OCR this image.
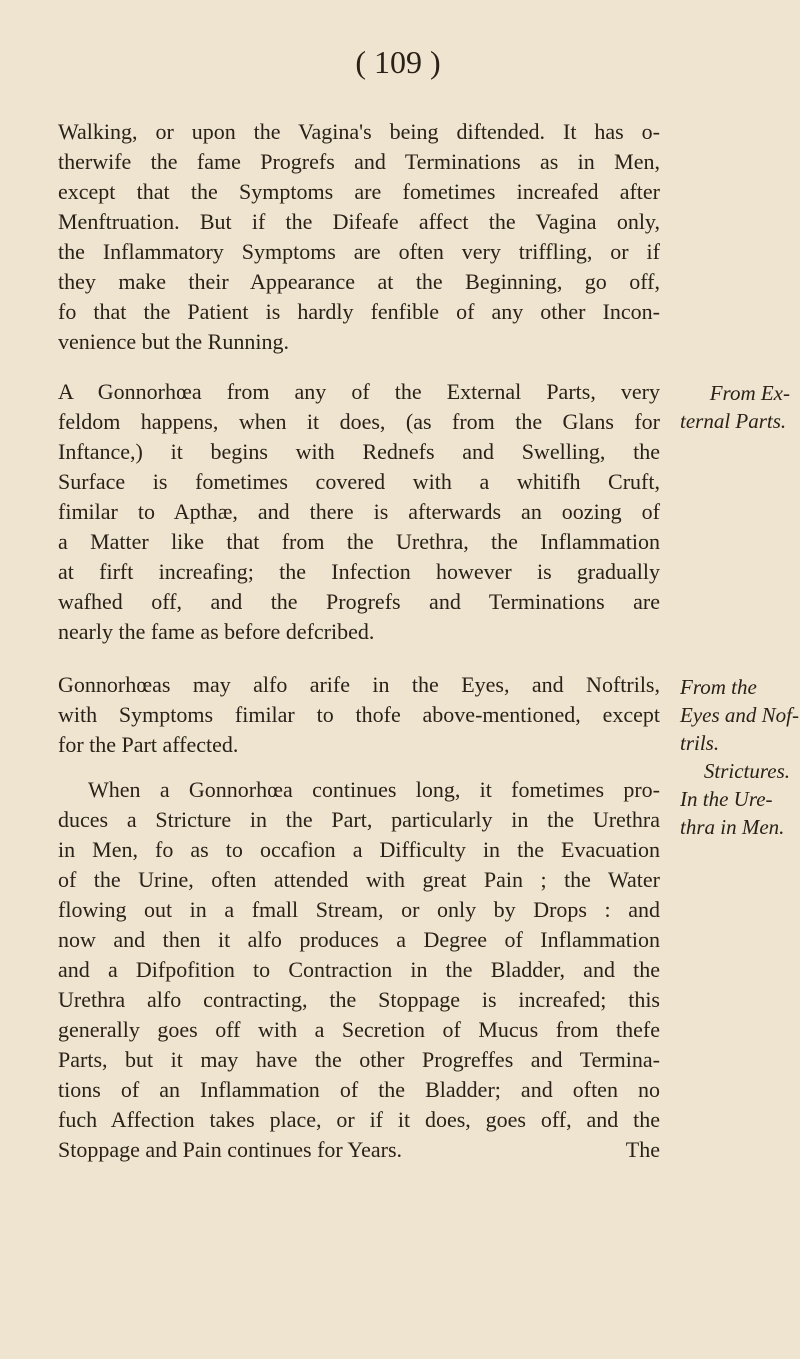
( 109 )
Walking, or upon the Vagina's being diftended. It has o-
therwife the fame Progrefs and Terminations as in Men,
except that the Symptoms are fometimes increafed after
Menftruation. But if the Difeafe affect the Vagina only,
the Inflammatory Symptoms are often very triffling, or if
they make their Appearance at the Beginning, go off,
fo that the Patient is hardly fenfible of any other Incon-
venience but the Running.
A Gonnorhœa from any of the External Parts, very
feldom happens, when it does, (as from the Glans for
Inftance,) it begins with Rednefs and Swelling, the
Surface is fometimes covered with a whitifh Cruft,
fimilar to Apthæ, and there is afterwards an oozing of
a Matter like that from the Urethra, the Inflammation
at firft increafing; the Infection however is gradually
wafhed off, and the Progrefs and Terminations are
nearly the fame as before defcribed.
Gonnorhœas may alfo arife in the Eyes, and Noftrils,
with Symptoms fimilar to thofe above-mentioned, except
for the Part affected.
When a Gonnorhœa continues long, it fometimes pro-
duces a Stricture in the Part, particularly in the Urethra
in Men, fo as to occafion a Difficulty in the Evacuation
of the Urine, often attended with great Pain ; the Water
flowing out in a fmall Stream, or only by Drops : and
now and then it alfo produces a Degree of Inflammation
and a Difpofition to Contraction in the Bladder, and the
Urethra alfo contracting, the Stoppage is increafed; this
generally goes off with a Secretion of Mucus from thefe
Parts, but it may have the other Progreffes and Termina-
tions of an Inflammation of the Bladder; and often no
fuch Affection takes place, or if it does, goes off, and the
Stoppage and Pain continues for Years.	The
From Ex-
ternal Parts.
From the
Eyes and Nof-
trils.
Strictures.
In the Ure-
thra in Men.
